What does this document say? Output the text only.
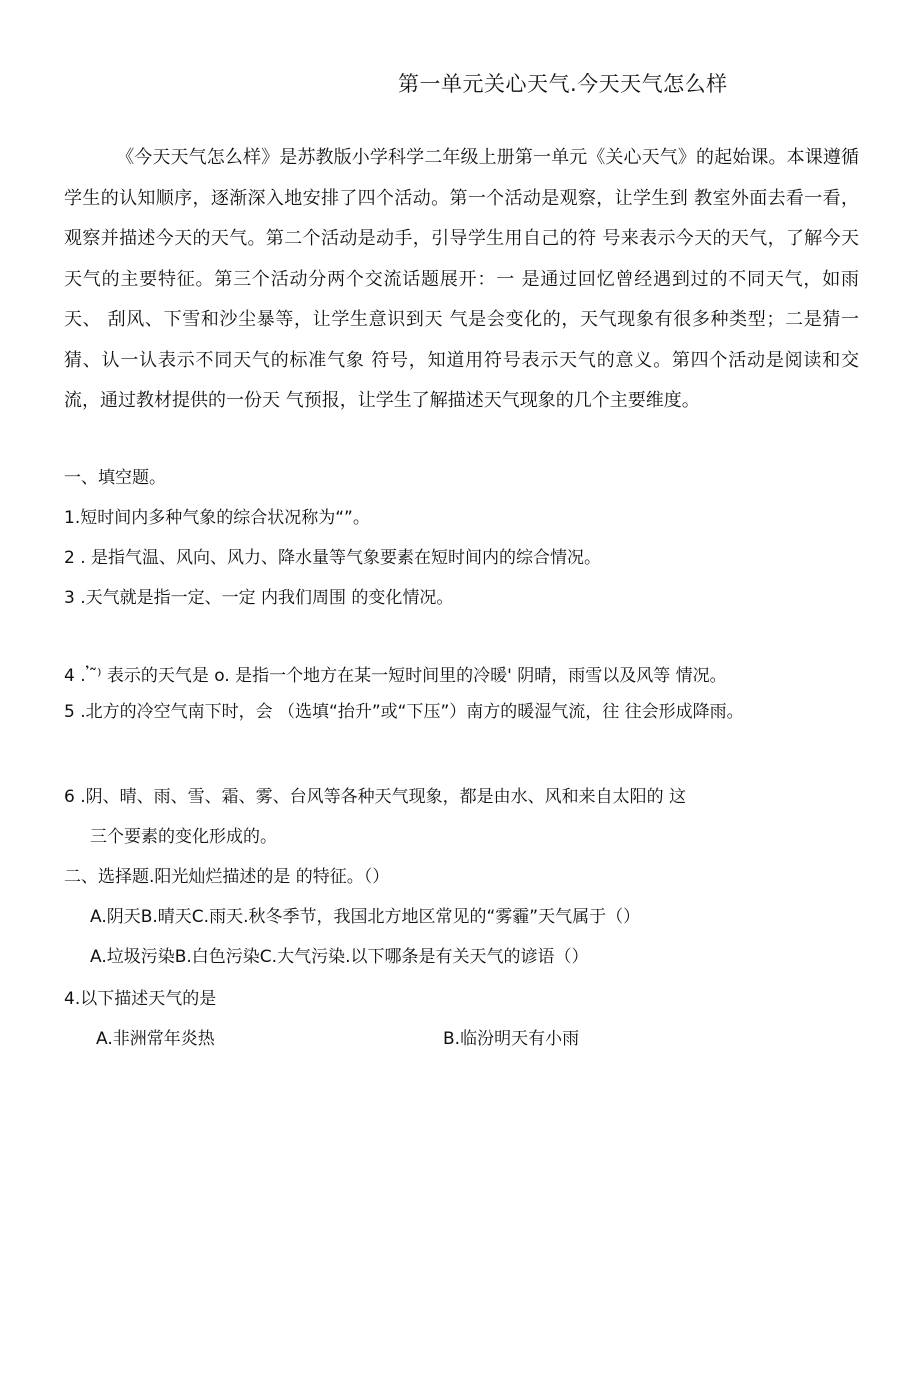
第一单元关心天气.今天天气怎么样

《今天天气怎么样》是苏教版小学科学二年级上册第一单元《关心天气》的起始课。本课遵循学生的认知顺序，逐渐深入地安排了四个活动。第一个活动是观察，让学生到 教室外面去看一看，观察并描述今天的天气。第二个活动是动手，引导学生用自己的符 号来表示今天的天气，了解今天天气的主要特征。第三个活动分两个交流话题展开：一 是通过回忆曾经遇到过的不同天气，如雨天、 刮风、下雪和沙尘暴等，让学生意识到天 气是会变化的，天气现象有很多种类型；二是猜一猜、认一认表示不同天气的标准气象 符号，知道用符号表示天气的意义。第四个活动是阅读和交流，通过教材提供的一份天 气预报，让学生了解描述天气现象的几个主要维度。

一、填空题。
1.短时间内多种气象的综合状况称为“”。
2 . 是指气温、风向、风力、降水量等气象要素在短时间内的综合情况。
3 .天气就是指一定、一定 内我们周围 的变化情况。
4 .𝄒˜⁾ 表示的天气是 o. 是指一个地方在某一短时间里的冷暖' 阴晴，雨雪以及风等 情况。
5 .北方的冷空气南下时，会 （选填“抬升”或“下压”）南方的暖湿气流，往 往会形成降雨。
6 .阴、晴、雨、雪、霜、雾、台风等各种天气现象，都是由水、风和来自太阳的 这
三个要素的变化形成的。
二、选择题.阳光灿烂描述的是 的特征。（）
A.阴天B.晴天C.雨天.秋冬季节，我国北方地区常见的“雾霾”天气属于（）
A.垃圾污染B.白色污染C.大气污染.以下哪条是有关天气的谚语（）
4.以下描述天气的是
A.非洲常年炎热	B.临汾明天有小雨
